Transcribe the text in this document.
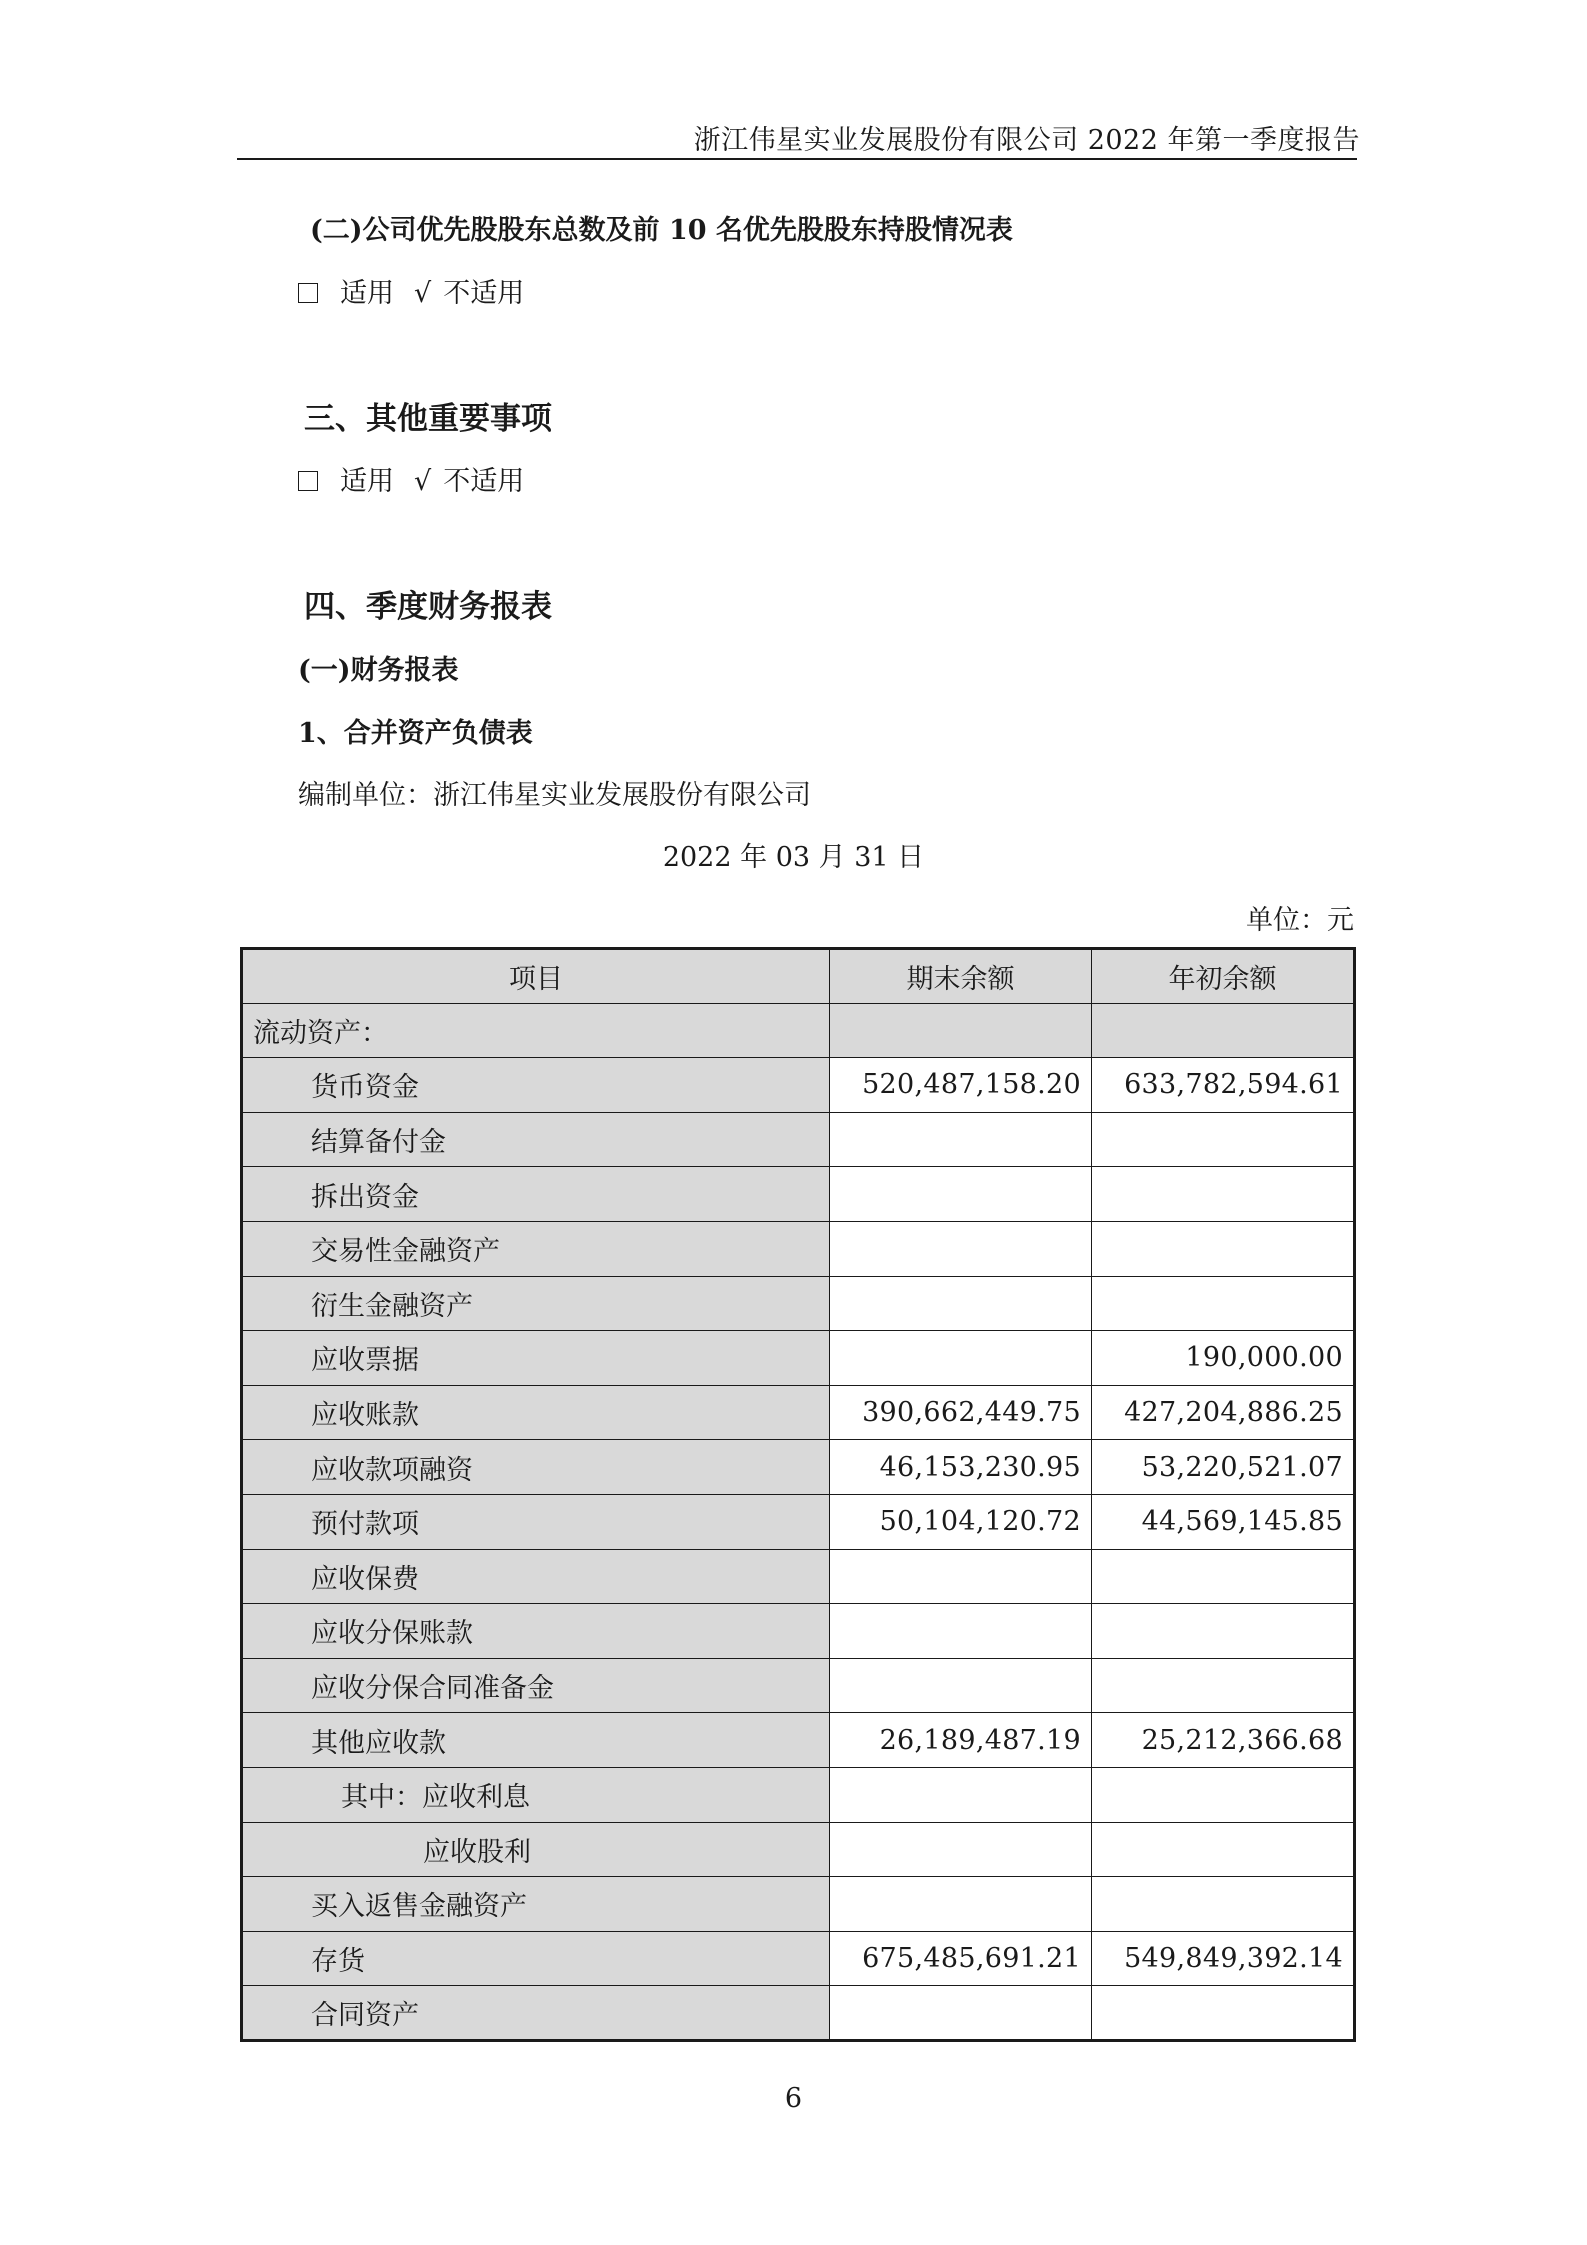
浙江伟星实业发展股份有限公司 2022 年第一季度报告
(二)公司优先股股东总数及前 10 名优先股股东持股情况表
适用 √ 不适用
三、其他重要事项
适用 √ 不适用
四、季度财务报表
(一)财务报表
1、合并资产负债表
编制单位：浙江伟星实业发展股份有限公司
2022 年 03 月 31 日
单位：元
项目	期末余额	年初余额
流动资产：		
货币资金	520,487,158.20	633,782,594.61
结算备付金		
拆出资金		
交易性金融资产		
衍生金融资产		
应收票据		190,000.00
应收账款	390,662,449.75	427,204,886.25
应收款项融资	46,153,230.95	53,220,521.07
预付款项	50,104,120.72	44,569,145.85
应收保费		
应收分保账款		
应收分保合同准备金		
其他应收款	26,189,487.19	25,212,366.68
其中：应收利息		
应收股利		
买入返售金融资产		
存货	675,485,691.21	549,849,392.14
合同资产		
6
